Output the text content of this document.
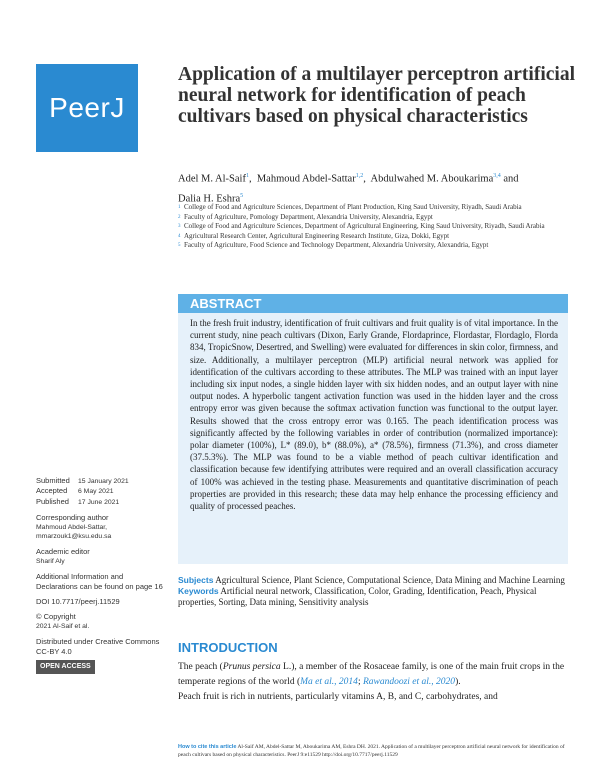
PeerJ
Application of a multilayer perceptron artificial neural network for identification of peach cultivars based on physical characteristics
Adel M. Al-Saif$^1$,  Mahmoud Abdel-Sattar$^{1,2}$,  Abdulwahed M. Aboukarima$^{3,4}$ and
Dalia H. Eshra$^5$
1 College of Food and Agriculture Sciences, Department of Plant Production, King Saud University, Riyadh, Saudi Arabia
2 Faculty of Agriculture, Pomology Department, Alexandria University, Alexandria, Egypt
3 College of Food and Agriculture Sciences, Department of Agricultural Engineering, King Saud University, Riyadh, Saudi Arabia
4 Agricultural Research Center, Agricultural Engineering Research Institute, Giza, Dokki, Egypt
5 Faculty of Agriculture, Food Science and Technology Department, Alexandria University, Alexandria, Egypt
ABSTRACT
In the fresh fruit industry, identification of fruit cultivars and fruit quality is of vital importance. In the current study, nine peach cultivars (Dixon, Early Grande, Flordaprince, Flordastar, Flordaglo, Florda 834, TropicSnow, Desertred, and Swelling) were evaluated for differences in skin color, firmness, and size. Additionally, a multilayer perceptron (MLP) artificial neural network was applied for identification of the cultivars according to these attributes. The MLP was trained with an input layer including six input nodes, a single hidden layer with six hidden nodes, and an output layer with nine output nodes. A hyperbolic tangent activation function was used in the hidden layer and the cross entropy error was given because the softmax activation function was functional to the output layer. Results showed that the cross entropy error was 0.165. The peach identification process was significantly affected by the following variables in order of contribution (normalized importance): polar diameter (100%), L* (89.0), b* (88.0%), a* (78.5%), firmness (71.3%), and cross diameter (37.5.3%). The MLP was found to be a viable method of peach cultivar identification and classification because few identifying attributes were required and an overall classification accuracy of 100% was achieved in the testing phase. Measurements and quantitative discrimination of peach properties are provided in this research; these data may help enhance the processing efficiency and quality of processed peaches.
Submitted 15 January 2021
Accepted 6 May 2021
Published 17 June 2021
Corresponding author
Mahmoud Abdel-Sattar,
mmarzouk1@ksu.edu.sa
Academic editor
Sharif Aly
Additional Information and Declarations can be found on page 16
DOI 10.7717/peerj.11529
© Copyright
2021 Al-Saif et al.
Distributed under Creative Commons CC-BY 4.0
OPEN ACCESS
Subjects Agricultural Science, Plant Science, Computational Science, Data Mining and Machine Learning
Keywords Artificial neural network, Classification, Color, Grading, Identification, Peach, Physical properties, Sorting, Data mining, Sensitivity analysis
INTRODUCTION
The peach (Prunus persica L.), a member of the Rosaceae family, is one of the main fruit crops in the temperate regions of the world (Ma et al., 2014; Rawandoozi et al., 2020).
Peach fruit is rich in nutrients, particularly vitamins A, B, and C, carbohydrates, and
How to cite this article Al-Saif AM, Abdel-Sattar M, Aboukarima AM, Eshra DH. 2021. Application of a multilayer perceptron artificial neural network for identification of peach cultivars based on physical characteristics. PeerJ 9:e11529 http://doi.org/10.7717/peerj.11529
